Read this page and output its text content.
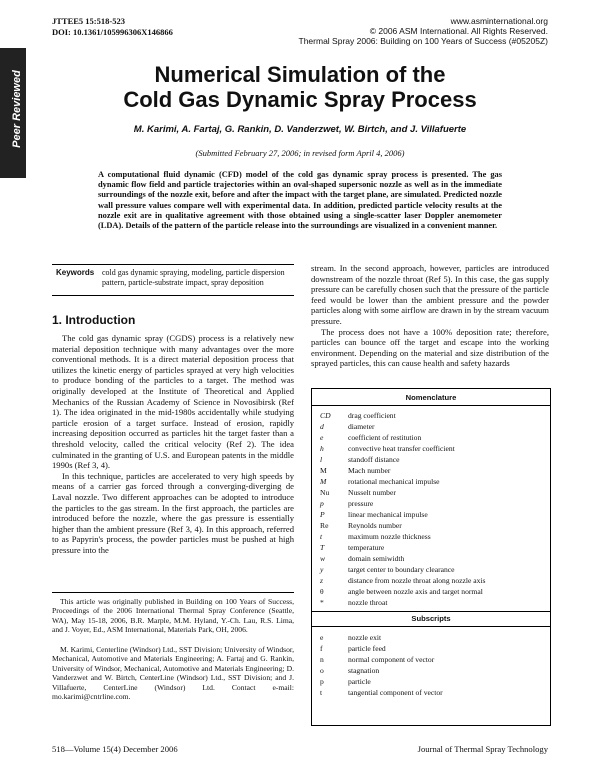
JTTEE5 15:518-523
DOI: 10.1361/105996306X146866
www.asminternational.org
© 2006 ASM International. All Rights Reserved.
Thermal Spray 2006: Building on 100 Years of Success (#05205Z)
Peer Reviewed	Numerical Simulation of the
Cold Gas Dynamic Spray Process
M. Karimi, A. Fartaj, G. Rankin, D. Vanderzwet, W. Birtch, and J. Villafuerte
(Submitted February 27, 2006; in revised form April 4, 2006)
A computational fluid dynamic (CFD) model of the cold gas dynamic spray process is presented. The gas dynamic flow field and particle trajectories within an oval-shaped supersonic nozzle as well as in the immediate surroundings of the nozzle exit, before and after the impact with the target plane, are simulated. Predicted nozzle wall pressure values compare well with experimental data. In addition, predicted particle velocity results at the nozzle exit are in qualitative agreement with those obtained using a single-scatter laser Doppler anemometer (LDA). Details of the pattern of the particle release into the surroundings are visualized in a convenient manner.
Keywords cold gas dynamic spraying, modeling, particle dispersion pattern, particle-substrate impact, spray deposition
1. Introduction

The cold gas dynamic spray (CGDS) process is a relatively new material deposition technique with many advantages over the more conventional methods. It is a direct material deposition process that utilizes the kinetic energy of particles sprayed at very high velocities to produce bonding of the particles to a target. The method was originally developed at the Institute of Theoretical and Applied Mechanics of the Russian Academy of Science in Novosibirsk (Ref 1). The idea originated in the mid-1980s accidentally while studying particle erosion of a target surface. Instead of erosion, rapidly increasing deposition occurred as particles hit the target faster than a threshold velocity, called the critical velocity (Ref 2). The idea culminated in the granting of U.S. and European patents in the middle 1990s (Ref 3, 4).

In this technique, particles are accelerated to very high speeds by means of a carrier gas forced through a converging-diverging de Laval nozzle. Two different approaches can be adopted to introduce the particles to the gas stream. In the first approach, the particles are introduced before the nozzle, where the gas pressure is essentially higher than the ambient pressure (Ref 3, 4). In this approach, referred to as Papyrin's process, the powder particles must be pushed at high pressure into the

This article was originally published in Building on 100 Years of Success, Proceedings of the 2006 International Thermal Spray Conference (Seattle, WA), May 15-18, 2006, B.R. Marple, M.M. Hyland, Y.-Ch. Lau, R.S. Lima, and J. Voyer, Ed., ASM International, Materials Park, OH, 2006.

M. Karimi, Centerline (Windsor) Ltd., SST Division; University of Windsor, Mechanical, Automotive and Materials Engineering; A. Fartaj and G. Rankin, University of Windsor, Mechanical, Automotive and Materials Engineering; D. Vanderzwet and W. Birtch, CenterLine (Windsor) Ltd., SST Division; and J. Villafuerte, CenterLine (Windsor) Ltd. Contact e-mail: mo.karimi@cntrline.com.

stream. In the second approach, however, particles are introduced downstream of the nozzle throat (Ref 5). In this case, the gas supply pressure can be carefully chosen such that the pressure of the particle feed would be lower than the ambient pressure and the powder particles along with some airflow are drawn in by the stream vacuum pressure.

The process does not have a 100% deposition rate; therefore, particles can bounce off the target and escape into the working environment. Depending on the material and size distribution of the sprayed particles, this can cause health and safety hazards

Nomenclature
CD drag coefficient
d	diameter
e	coefficient of restitution
h	convective heat transfer coefficient
l	standoff distance
M	Mach number
M	rotational mechanical impulse
Nu Nusselt number
p	pressure
P	linear mechanical impulse
Re	Reynolds number
t	maximum nozzle thickness
T	temperature
w	domain semiwidth
y	target center to boundary clearance
z	distance from nozzle throat along nozzle axis
θ	angle between nozzle axis and target normal
*	nozzle throat
Subscripts
e	nozzle exit
f	particle feed
n	normal component of vector
o	stagnation
p	particle
t	tangential component of vector
518—Volume 15(4) December 2006	Journal of Thermal Spray Technology
